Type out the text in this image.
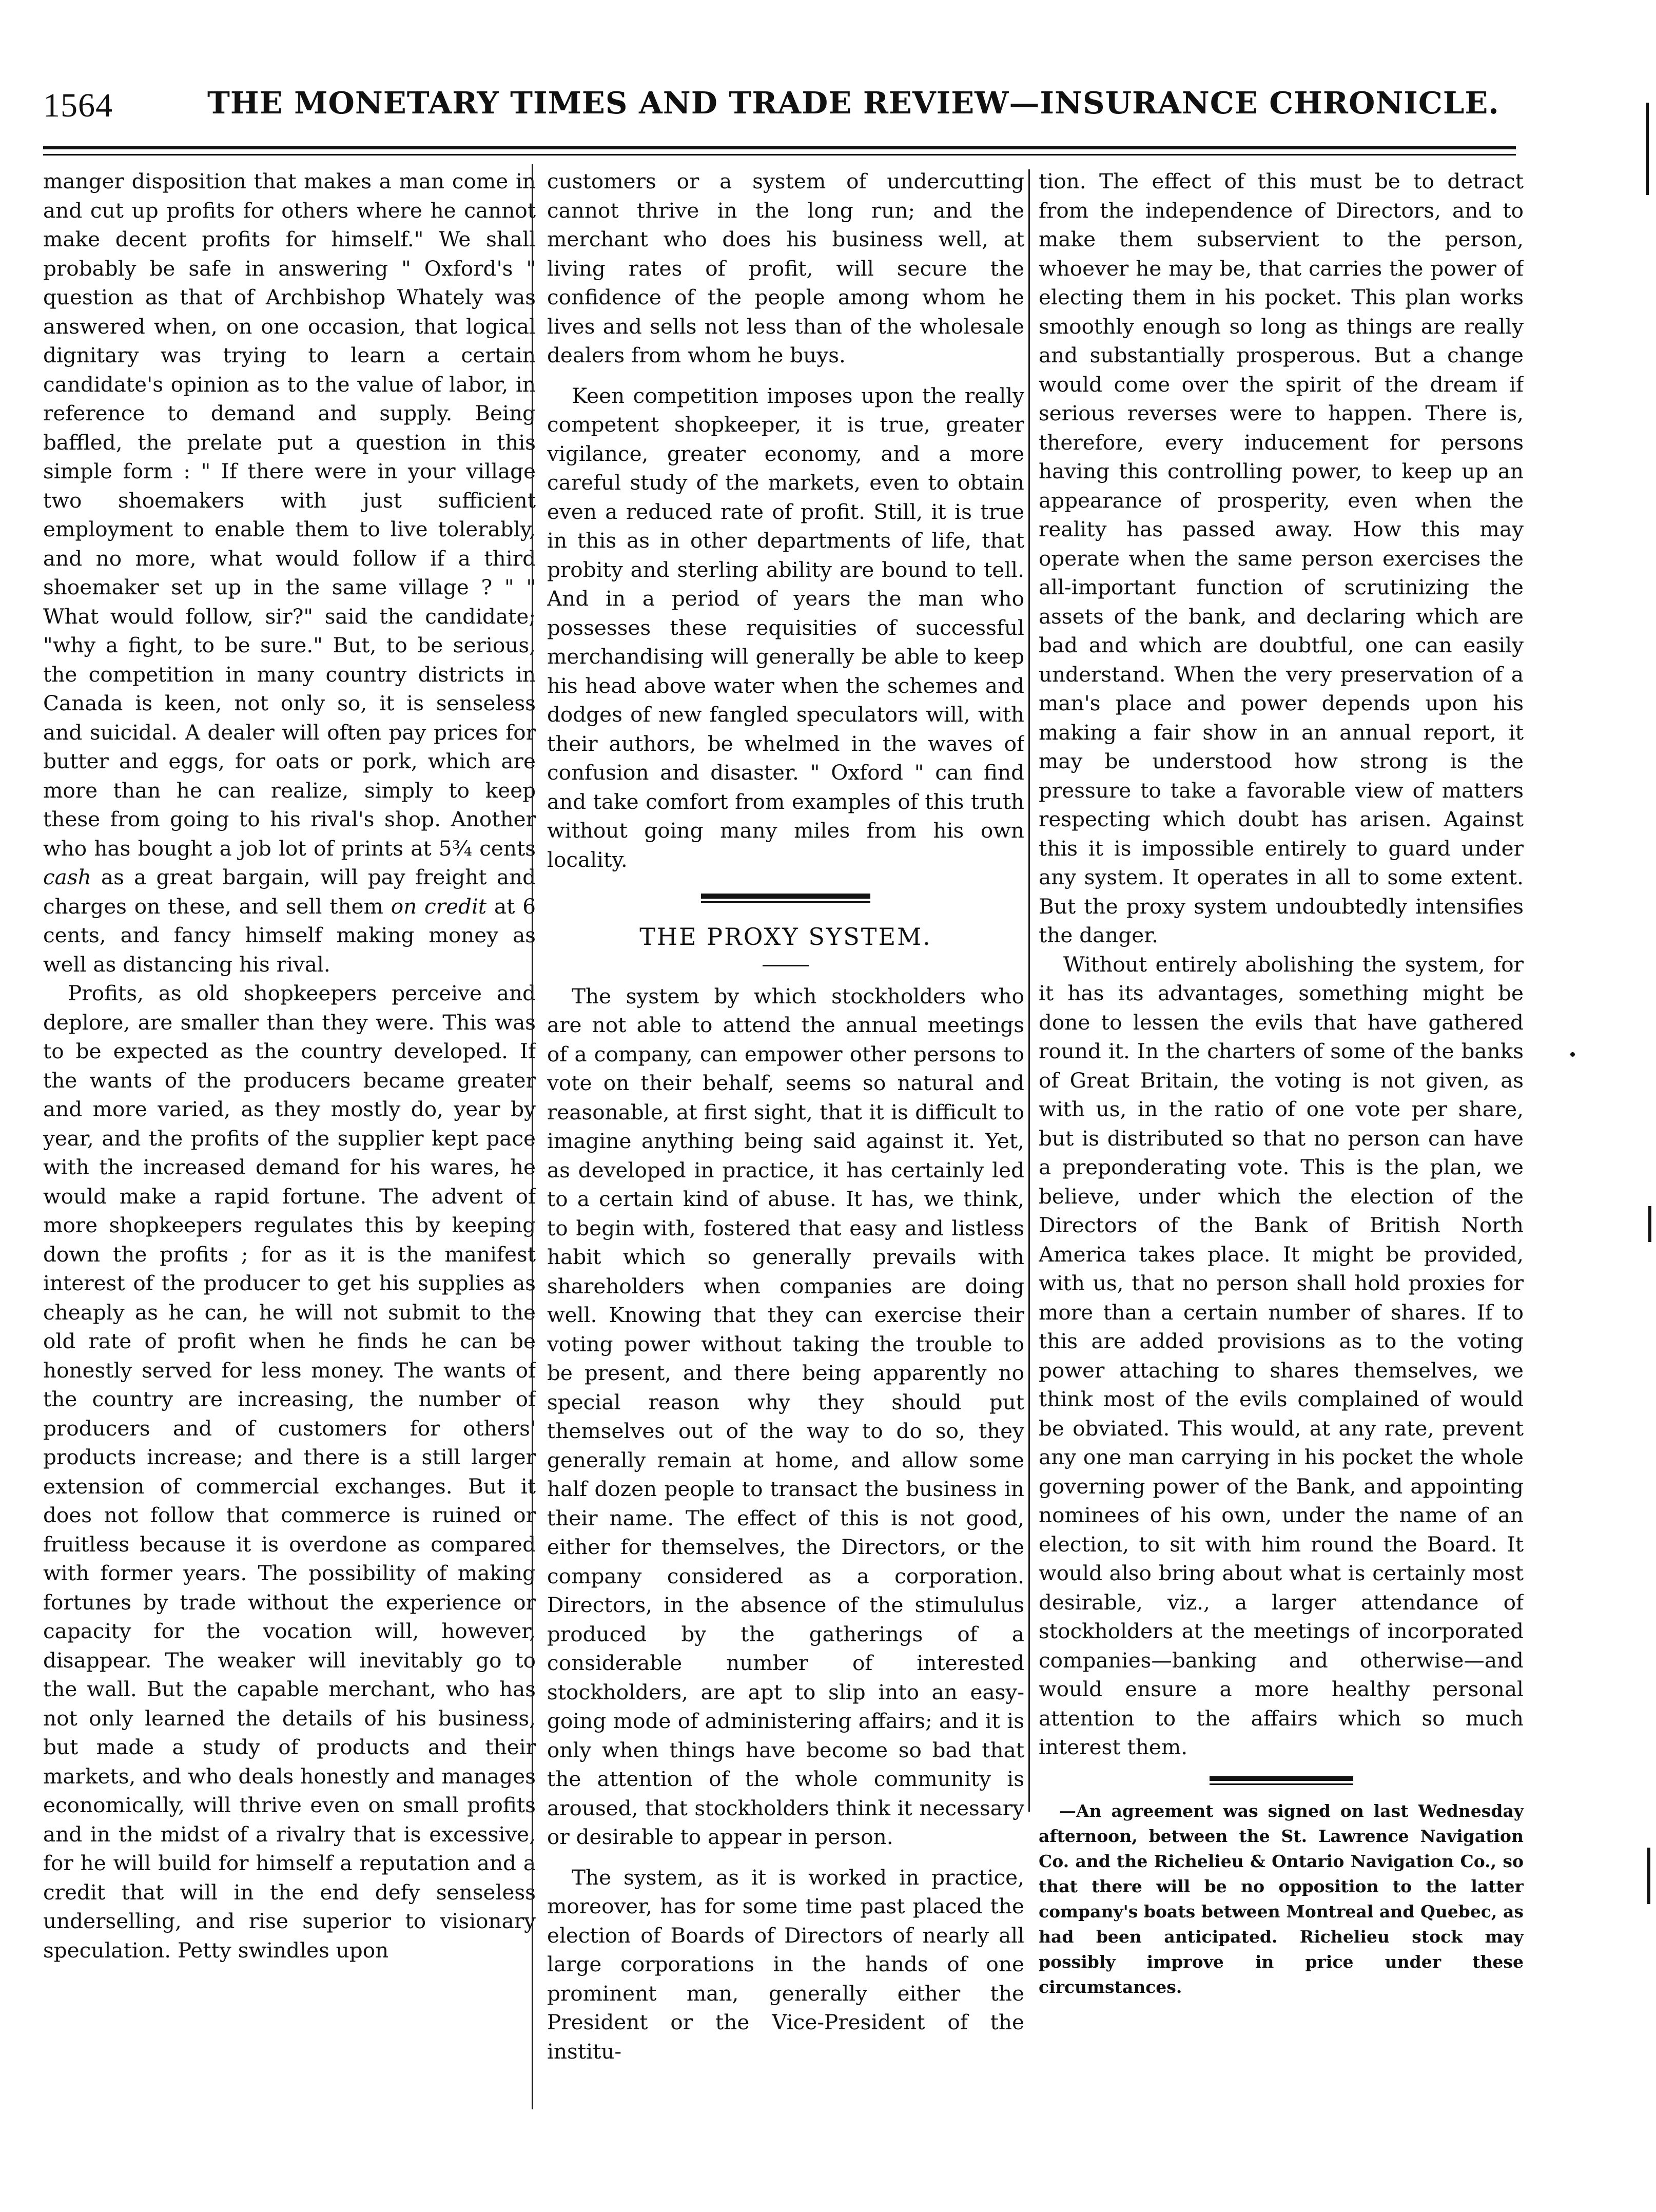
1564	THE MONETARY TIMES AND TRADE REVIEW—INSURANCE CHRONICLE.

manger disposition that makes a man come in and cut up profits for others where he cannot make decent profits for himself." We shall probably be safe in answering " Oxford's " question as that of Archbishop Whately was answered when, on one occasion, that logical dignitary was trying to learn a certain candidate's opinion as to the value of labor, in reference to demand and supply. Being baffled, the prelate put a question in this simple form : " If there were in your village two shoemakers with just sufficient employment to enable them to live tolerably, and no more, what would follow if a third shoemaker set up in the same village ? " " What would follow, sir?" said the candidate; "why a fight, to be sure." But, to be serious, the competition in many country districts in Canada is keen, not only so, it is senseless and suicidal. A dealer will often pay prices for butter and eggs, for oats or pork, which are more than he can realize, simply to keep these from going to his rival's shop. Another who has bought a job lot of prints at 5¾ cents cash as a great bargain, will pay freight and charges on these, and sell them on credit at 6 cents, and fancy himself making money as well as distancing his rival.

Profits, as old shopkeepers perceive and deplore, are smaller than they were. This was to be expected as the country developed. If the wants of the producers became greater and more varied, as they mostly do, year by year, and the profits of the supplier kept pace with the increased demand for his wares, he would make a rapid fortune. The advent of more shopkeepers regulates this by keeping down the profits ; for as it is the manifest interest of the producer to get his supplies as cheaply as he can, he will not submit to the old rate of profit when he finds he can be honestly served for less money. The wants of the country are increasing, the number of producers and of customers for others' products increase; and there is a still larger extension of commercial exchanges. But it does not follow that commerce is ruined or fruitless because it is overdone as compared with former years. The possibility of making fortunes by trade without the experience or capacity for the vocation will, however, disappear. The weaker will inevitably go to the wall. But the capable merchant, who has not only learned the details of his business, but made a study of products and their markets, and who deals honestly and manages economically, will thrive even on small profits and in the midst of a rivalry that is excessive, for he will build for himself a reputation and a credit that will in the end defy senseless underselling, and rise superior to visionary speculation. Petty swindles upon

customers or a system of undercutting cannot thrive in the long run; and the merchant who does his business well, at living rates of profit, will secure the confidence of the people among whom he lives and sells not less than of the wholesale dealers from whom he buys.

Keen competition imposes upon the really competent shopkeeper, it is true, greater vigilance, greater economy, and a more careful study of the markets, even to obtain even a reduced rate of profit. Still, it is true in this as in other departments of life, that probity and sterling ability are bound to tell. And in a period of years the man who possesses these requisities of successful merchandising will generally be able to keep his head above water when the schemes and dodges of new fangled speculators will, with their authors, be whelmed in the waves of confusion and disaster. " Oxford " can find and take comfort from examples of this truth without going many miles from his own locality.

THE PROXY SYSTEM.

The system by which stockholders who are not able to attend the annual meetings of a company, can empower other persons to vote on their behalf, seems so natural and reasonable, at first sight, that it is difficult to imagine anything being said against it. Yet, as developed in practice, it has certainly led to a certain kind of abuse. It has, we think, to begin with, fostered that easy and listless habit which so generally prevails with shareholders when companies are doing well. Knowing that they can exercise their voting power without taking the trouble to be present, and there being apparently no special reason why they should put themselves out of the way to do so, they generally remain at home, and allow some half dozen people to transact the business in their name. The effect of this is not good, either for themselves, the Directors, or the company considered as a corporation. Directors, in the absence of the stimululus produced by the gatherings of a considerable number of interested stockholders, are apt to slip into an easy-going mode of administering affairs; and it is only when things have become so bad that the attention of the whole community is aroused, that stockholders think it necessary or desirable to appear in person.

The system, as it is worked in practice, moreover, has for some time past placed the election of Boards of Directors of nearly all large corporations in the hands of one prominent man, generally either the President or the Vice-President of the institu-

tion. The effect of this must be to detract from the independence of Directors, and to make them subservient to the person, whoever he may be, that carries the power of electing them in his pocket. This plan works smoothly enough so long as things are really and substantially prosperous. But a change would come over the spirit of the dream if serious reverses were to happen. There is, therefore, every inducement for persons having this controlling power, to keep up an appearance of prosperity, even when the reality has passed away. How this may operate when the same person exercises the all-important function of scrutinizing the assets of the bank, and declaring which are bad and which are doubtful, one can easily understand. When the very preservation of a man's place and power depends upon his making a fair show in an annual report, it may be understood how strong is the pressure to take a favorable view of matters respecting which doubt has arisen. Against this it is impossible entirely to guard under any system. It operates in all to some extent. But the proxy system undoubtedly intensifies the danger.

Without entirely abolishing the system, for it has its advantages, something might be done to lessen the evils that have gathered round it. In the charters of some of the banks of Great Britain, the voting is not given, as with us, in the ratio of one vote per share, but is distributed so that no person can have a preponderating vote. This is the plan, we believe, under which the election of the Directors of the Bank of British North America takes place. It might be provided, with us, that no person shall hold proxies for more than a certain number of shares. If to this are added provisions as to the voting power attaching to shares themselves, we think most of the evils complained of would be obviated. This would, at any rate, prevent any one man carrying in his pocket the whole governing power of the Bank, and appointing nominees of his own, under the name of an election, to sit with him round the Board. It would also bring about what is certainly most desirable, viz., a larger attendance of stockholders at the meetings of incorporated companies—banking and otherwise—and would ensure a more healthy personal attention to the affairs which so much interest them.

—An agreement was signed on last Wednesday afternoon, between the St. Lawrence Navigation Co. and the Richelieu & Ontario Navigation Co., so that there will be no opposition to the latter company's boats between Montreal and Quebec, as had been anticipated. Richelieu stock may possibly improve in price under these circumstances.
